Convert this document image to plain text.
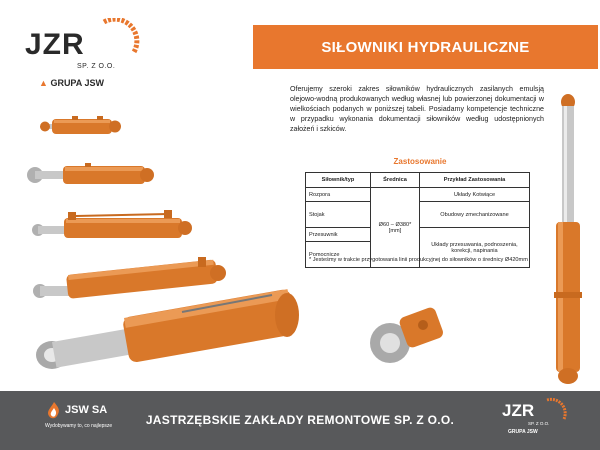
JZR
SP. Z O.O.
▲ GRUPA JSW
SIŁOWNIKI HYDRAULICZNE

Oferujemy szeroki zakres siłowników hydraulicznych zasilanych emulsją olejowo-wodną produkowanych według własnej lub powierzonej dokumentacji w wielkościach podanych w poniższej tabeli. Posiadamy kompetencje techniczne w przypadku wykonania dokumentacji siłowników według udostępnionych założeń i szkiców.

Zastosowanie
Siłownik/typ	Średnica	Przykład Zastosowania
Rozpora	Ø60 – Ø380*[mm]	Układy Kotwiące
Stojak		Obudowy zmechanizowane
Przesuwnik		Układy przesuwania, podnoszenia, korekcji, napinania
Pomocnicze		

* Jesteśmy w trakcie przygotowania linii produkcyjnej do siłowników o średnicy Ø420mm

JSW SA
Wydobywamy to, co najlepsze	JASTRZĘBSKIE ZAKŁADY REMONTOWE SP. Z O.O.	JZR
SP. Z O.O.
GRUPA JSW
